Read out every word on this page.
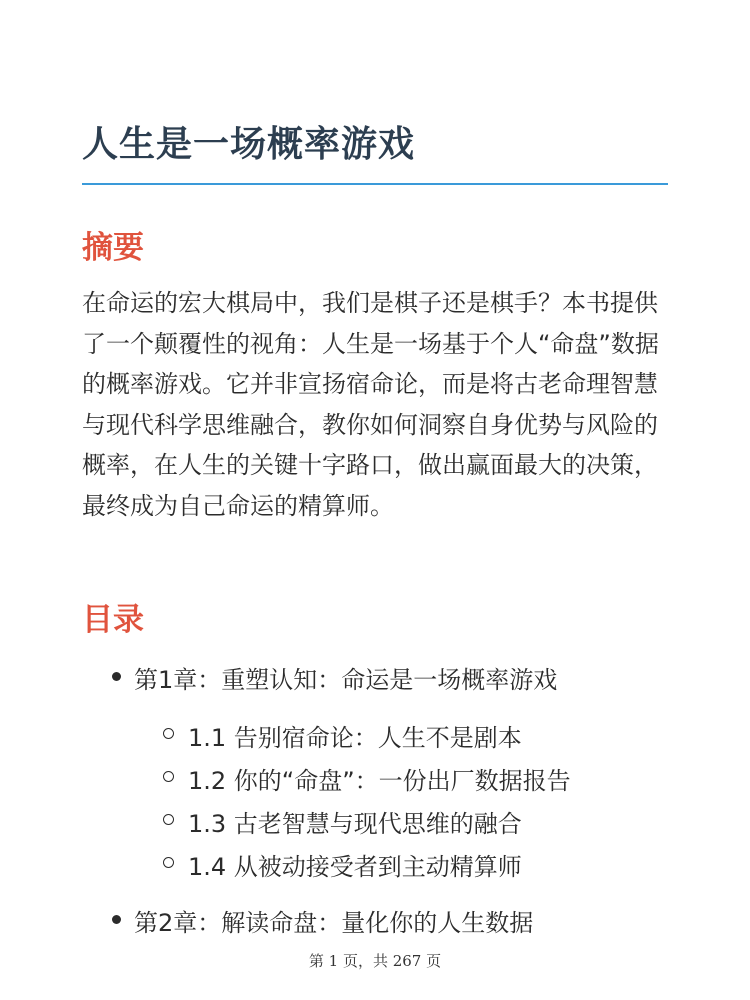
人生是一场概率游戏
摘要

在命运的宏大棋局中，我们是棋子还是棋手？本书提供了一个颠覆性的视角：人生是一场基于个人“命盘”数据的概率游戏。它并非宣扬宿命论，而是将古老命理智慧与现代科学思维融合，教你如何洞察自身优势与风险的概率，在人生的关键十字路口，做出赢面最大的决策，最终成为自己命运的精算师。

目录
第1章：重塑认知：命运是一场概率游戏
1.1 告别宿命论：人生不是剧本
1.2 你的“命盘”：一份出厂数据报告
1.3 古老智慧与现代思维的融合
1.4 从被动接受者到主动精算师
第2章：解读命盘：量化你的人生数据
第 1 页，共 267 页
